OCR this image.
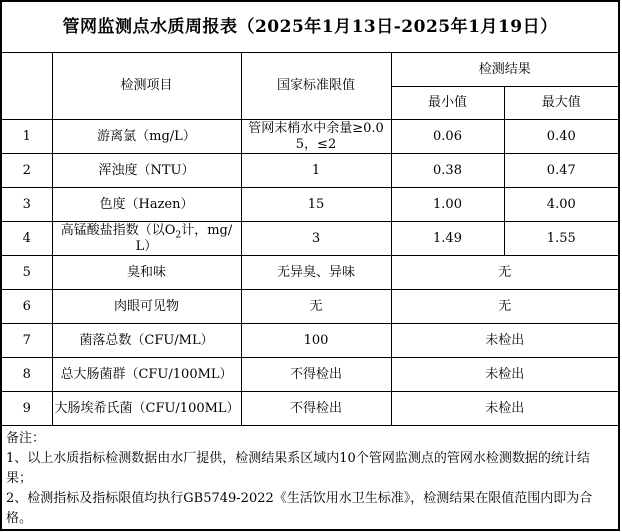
管网监测点水质周报表（2025年1月13日-2025年1月19日）				
	检测项目	国家标准限值	检测结果	
			最小值	最大值
1	游离氯（mg/L）	管网末梢水中余量≥0.05，≤2	0.06	0.40
2	浑浊度（NTU）	1	0.38	0.47
3	色度（Hazen）	15	1.00	4.00
4	高锰酸盐指数（以$O_2$计，mg/L）	3	1.49	1.55
5	臭和味	无异臭、异味	无	
6	肉眼可见物	无	无	
7	菌落总数（CFU/ML）	100	未检出	
8	总大肠菌群（CFU/100ML）	不得检出	未检出	
9	大肠埃希氏菌（CFU/100ML）	不得检出	未检出	

备注：
1、以上水质指标检测数据由水厂提供，检测结果系区域内10个管网监测点的管网水检测数据的统计结果；
2、检测指标及指标限值均执行GB5749-2022《生活饮用水卫生标准》，检测结果在限值范围内即为合格。				
